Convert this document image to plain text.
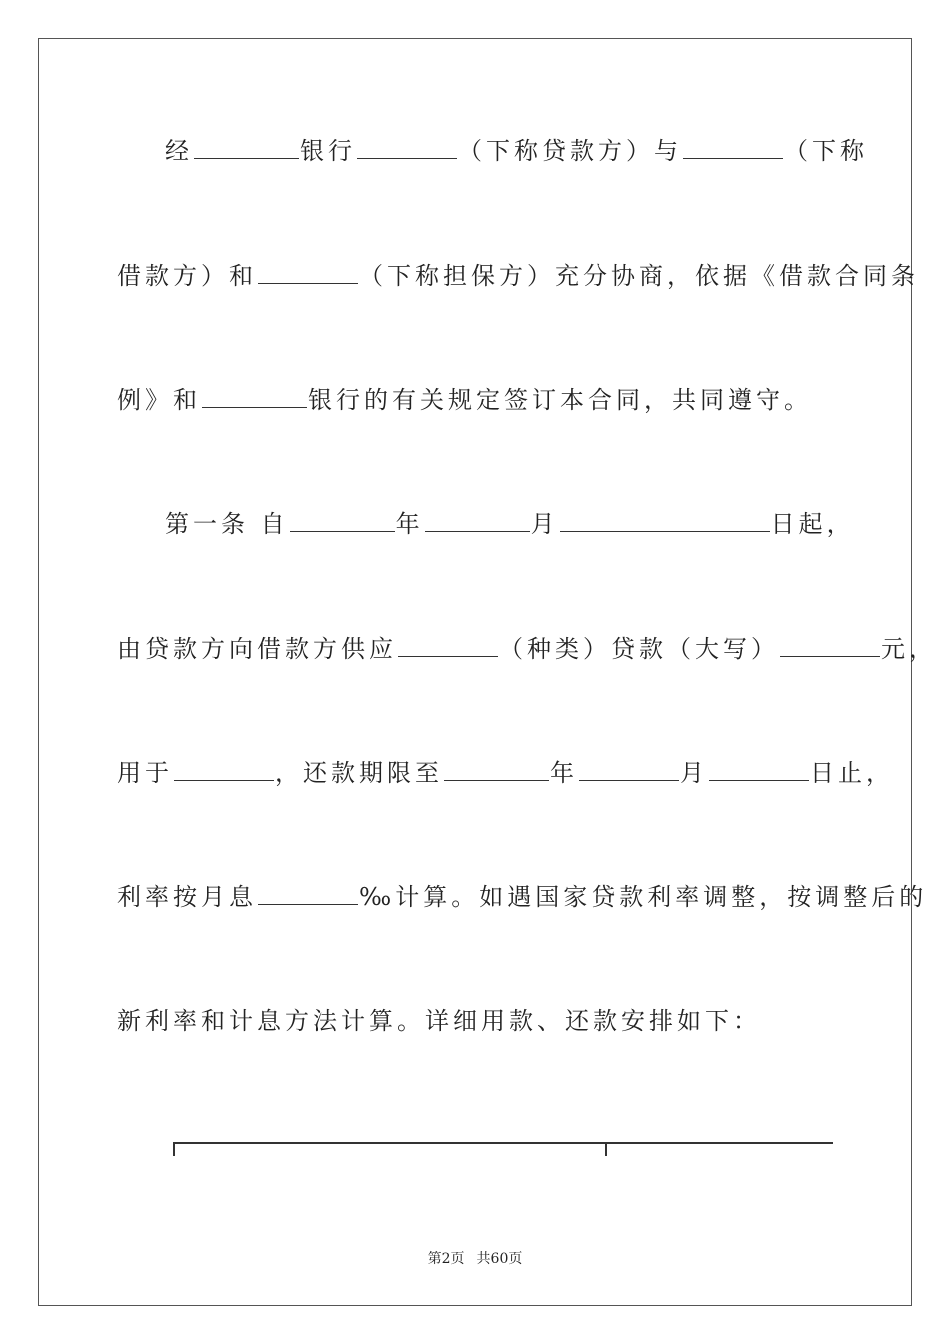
经	银行	（下称贷款方）与	（下称
借款方）和	（下称担保方）充分协商，依据《借款合同条
例》和	银行的有关规定签订本合同，共同遵守。
第一条 自	年	月	日起，
由贷款方向借款方供应	（种类）贷款（大写）	元，
用于	，还款期限至	年	月	日止，
利率按月息	‰计算。如遇国家贷款利率调整，按调整后的
新利率和计息方法计算。详细用款、还款安排如下：
第2页 共60页
